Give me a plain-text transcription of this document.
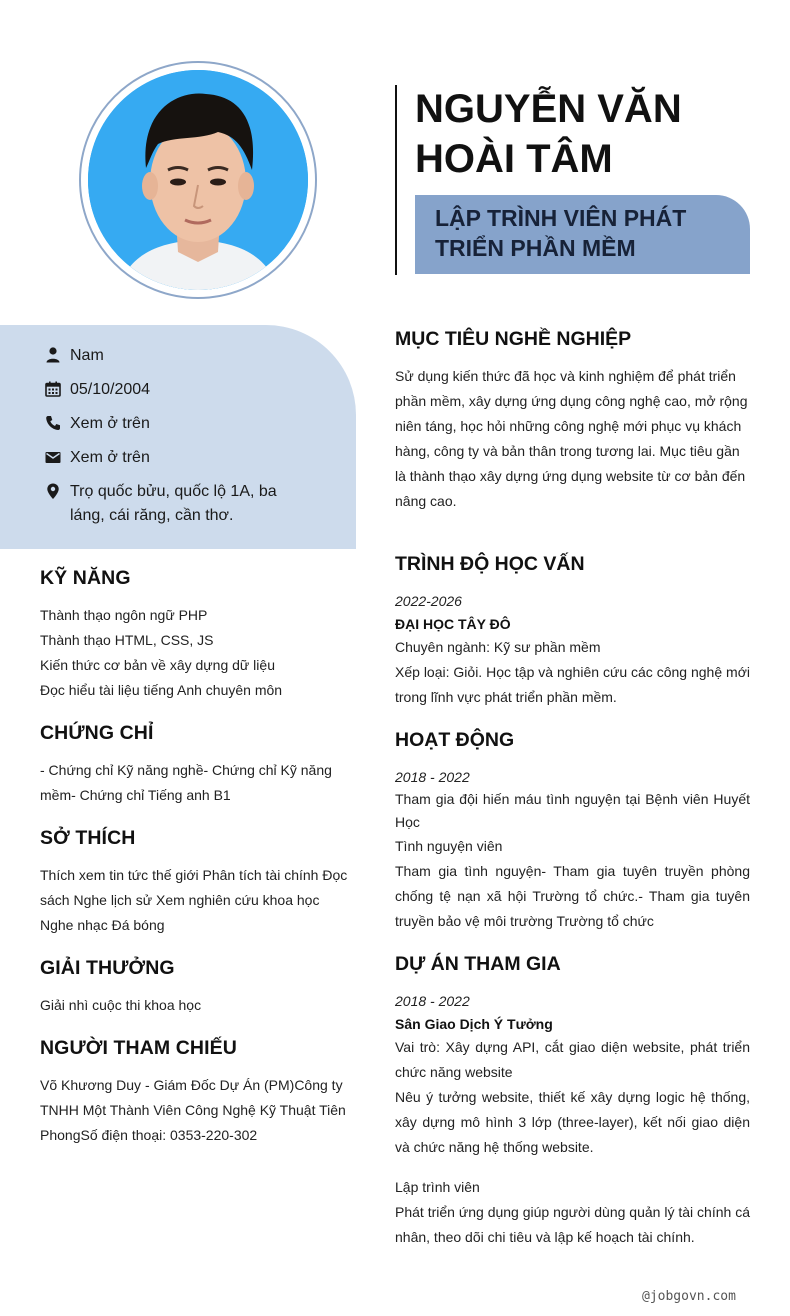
Nam
05/10/2004
Xem ở trên
Xem ở trên
Trọ quốc bửu, quốc lộ 1A, ba láng, cái răng, cần thơ.
KỸ NĂNG
Thành thạo ngôn ngữ PHP
Thành thạo HTML, CSS, JS
Kiến thức cơ bản về xây dựng dữ liệu
Đọc hiểu tài liệu tiếng Anh chuyên môn
CHỨNG CHỈ
- Chứng chỉ Kỹ năng nghề- Chứng chỉ Kỹ năng mềm- Chứng chỉ Tiếng anh B1
SỞ THÍCH
Thích xem tin tức thế giới Phân tích tài chính Đọc sách Nghe lịch sử Xem nghiên cứu khoa học Nghe nhạc Đá bóng
GIẢI THƯỞNG
Giải nhì cuộc thi khoa học
NGƯỜI THAM CHIẾU
Võ Khương Duy - Giám Đốc Dự Án (PM)Công ty TNHH Một Thành Viên Công Nghệ Kỹ Thuật Tiên PhongSố điện thoại: 0353-220-302
NGUYỄN VĂN HOÀI TÂM
LẬP TRÌNH VIÊN PHÁT TRIỂN PHẦN MỀM
MỤC TIÊU NGHỀ NGHIỆP
Sử dụng kiến thức đã học và kinh nghiệm để phát triển phần mềm, xây dựng ứng dụng công nghệ cao, mở rộng niên táng, học hỏi những công nghệ mới phục vụ khách hàng, công ty và bản thân trong tương lai. Mục tiêu gần là thành thạo xây dựng ứng dụng website từ cơ bản đến nâng cao.
TRÌNH ĐỘ HỌC VẤN
2022-2026
ĐẠI HỌC TÂY ĐÔ
Chuyên ngành: Kỹ sư phần mềm
Xếp loại: Giỏi. Học tập và nghiên cứu các công nghệ mới trong lĩnh vực phát triển phần mềm.
HOẠT ĐỘNG
2018 - 2022
Tham gia đội hiến máu tình nguyện tại Bệnh viên Huyết Học
Tình nguyện viên
Tham gia tình nguyện- Tham gia tuyên truyền phòng chống tệ nạn xã hội Trường tổ chức.- Tham gia tuyên truyền bảo vệ môi trường Trường tổ chức
DỰ ÁN THAM GIA
2018 - 2022
Sân Giao Dịch Ý Tưởng
Vai trò: Xây dựng API, cắt giao diện website, phát triển chức năng website
Nêu ý tưởng website, thiết kế xây dựng logic hệ thống, xây dựng mô hình 3 lớp (three-layer), kết nối giao diện và chức năng hệ thống website.
Lập trình viên
Phát triển ứng dụng giúp người dùng quản lý tài chính cá nhân, theo dõi chi tiêu và lập kế hoạch tài chính.
@jobgovn.com
